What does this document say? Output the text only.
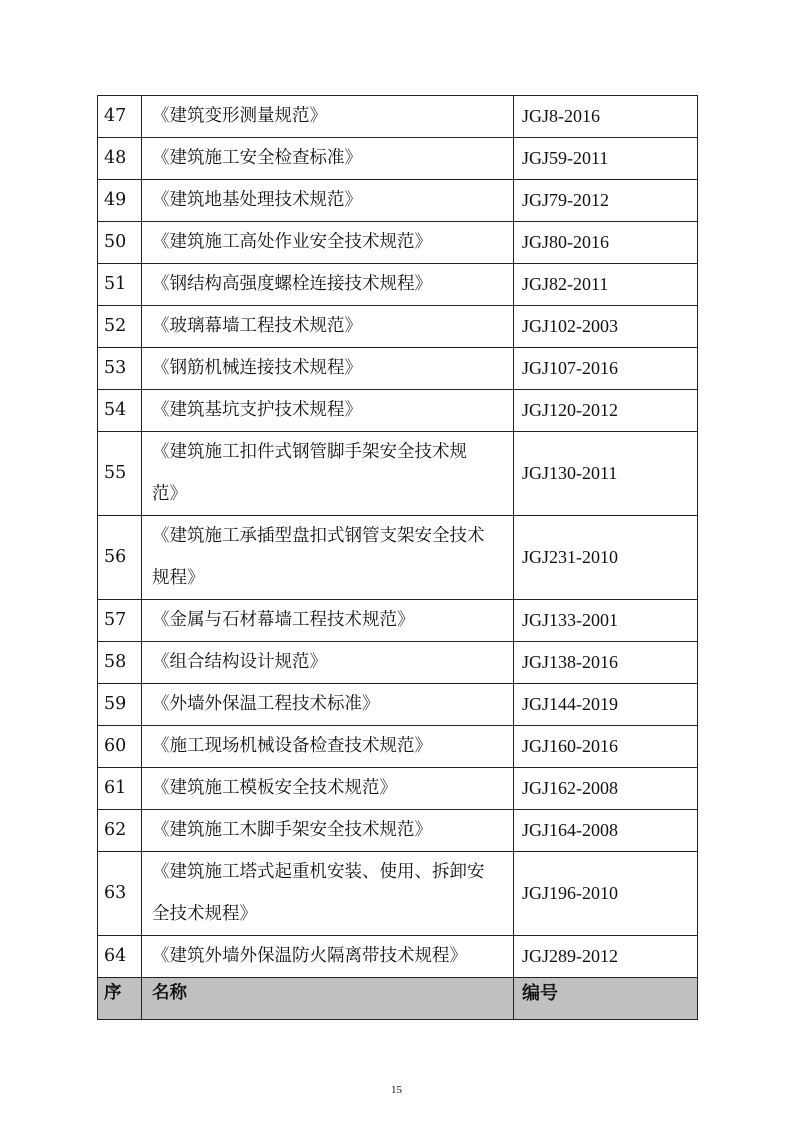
47	《建筑变形测量规范》	JGJ8-2016
48	《建筑施工安全检查标准》	JGJ59-2011
49	《建筑地基处理技术规范》	JGJ79-2012
50	《建筑施工高处作业安全技术规范》	JGJ80-2016
51	《钢结构高强度螺栓连接技术规程》	JGJ82-2011
52	《玻璃幕墙工程技术规范》	JGJ102-2003
53	《钢筋机械连接技术规程》	JGJ107-2016
54	《建筑基坑支护技术规程》	JGJ120-2012
55	《建筑施工扣件式钢管脚手架安全技术规
范》	JGJ130-2011
56	《建筑施工承插型盘扣式钢管支架安全技术
规程》	JGJ231-2010
57	《金属与石材幕墙工程技术规范》	JGJ133-2001
58	《组合结构设计规范》	JGJ138-2016
59	《外墙外保温工程技术标准》	JGJ144-2019
60	《施工现场机械设备检查技术规范》	JGJ160-2016
61	《建筑施工模板安全技术规范》	JGJ162-2008
62	《建筑施工木脚手架安全技术规范》	JGJ164-2008
63	《建筑施工塔式起重机安装、使用、拆卸安
全技术规程》	JGJ196-2010
64	《建筑外墙外保温防火隔离带技术规程》	JGJ289-2012
序	名称	编号
15
